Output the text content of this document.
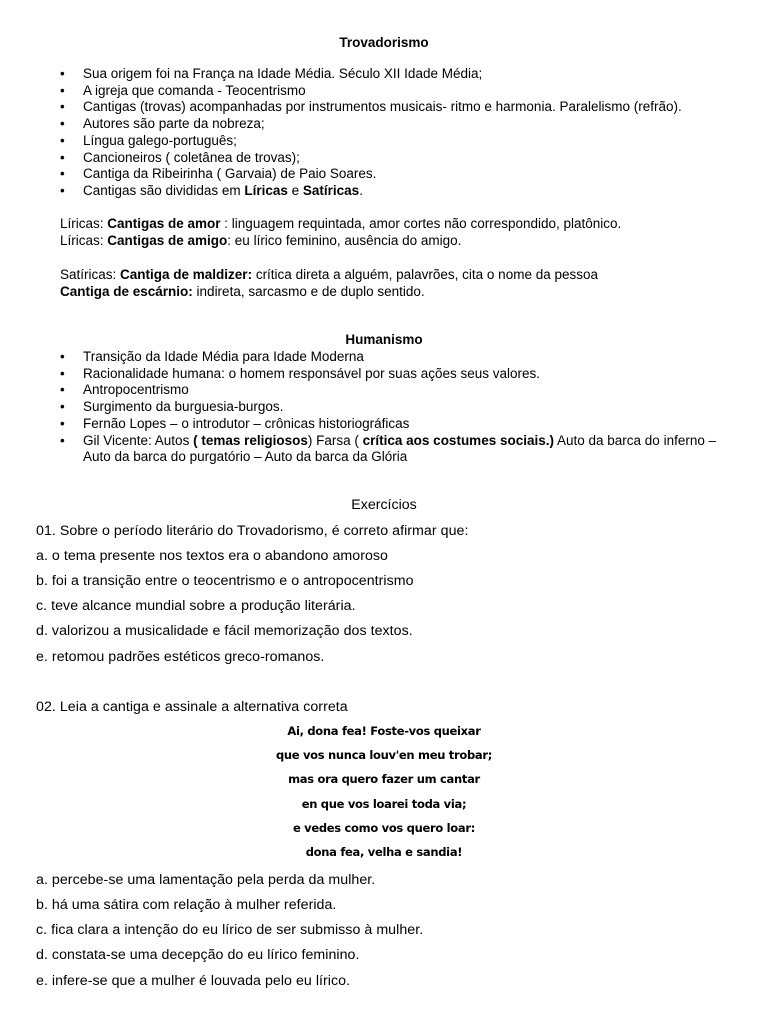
Trovadorismo
• Sua origem foi na França na Idade Média. Século XII Idade Média;
• A igreja que comanda - Teocentrismo
• Cantigas (trovas) acompanhadas por instrumentos musicais- ritmo e harmonia. Paralelismo (refrão).
• Autores são parte da nobreza;
• Língua galego-português;
• Cancioneiros ( coletânea de trovas);
• Cantiga da Ribeirinha ( Garvaia) de Paio Soares.
• Cantigas são divididas em Líricas e Satíricas.
Líricas: Cantigas de amor : linguagem requintada, amor cortes não correspondido, platônico.
Líricas: Cantigas de amigo: eu lírico feminino, ausência do amigo.
Satíricas: Cantiga de maldizer: crítica direta a alguém, palavrões, cita o nome da pessoa
Cantiga de escárnio: indireta, sarcasmo e de duplo sentido.
Humanismo
• Transição da Idade Média para Idade Moderna
• Racionalidade humana: o homem responsável por suas ações seus valores.
• Antropocentrismo
• Surgimento da burguesia-burgos.
• Fernão Lopes – o introdutor – crônicas historiográficas
• Gil Vicente: Autos ( temas religiosos) Farsa ( crítica aos costumes sociais.) Auto da barca do inferno – Auto da barca do purgatório – Auto da barca da Glória
Exercícios
01. Sobre o período literário do Trovadorismo, é correto afirmar que:
a. o tema presente nos textos era o abandono amoroso
b. foi a transição entre o teocentrismo e o antropocentrismo
c. teve alcance mundial sobre a produção literária.
d. valorizou a musicalidade e fácil memorização dos textos.
e. retomou padrões estéticos greco-romanos.
02. Leia a cantiga e assinale a alternativa correta
Ai, dona fea! Foste-vos queixar
que vos nunca louv'en meu trobar;
mas ora quero fazer um cantar
en que vos loarei toda via;
e vedes como vos quero loar:
dona fea, velha e sandia!
a. percebe-se uma lamentação pela perda da mulher.
b. há uma sátira com relação à mulher referida.
c. fica clara a intenção do eu lírico de ser submisso à mulher.
d. constata-se uma decepção do eu lírico feminino.
e. infere-se que a mulher é louvada pelo eu lírico.
